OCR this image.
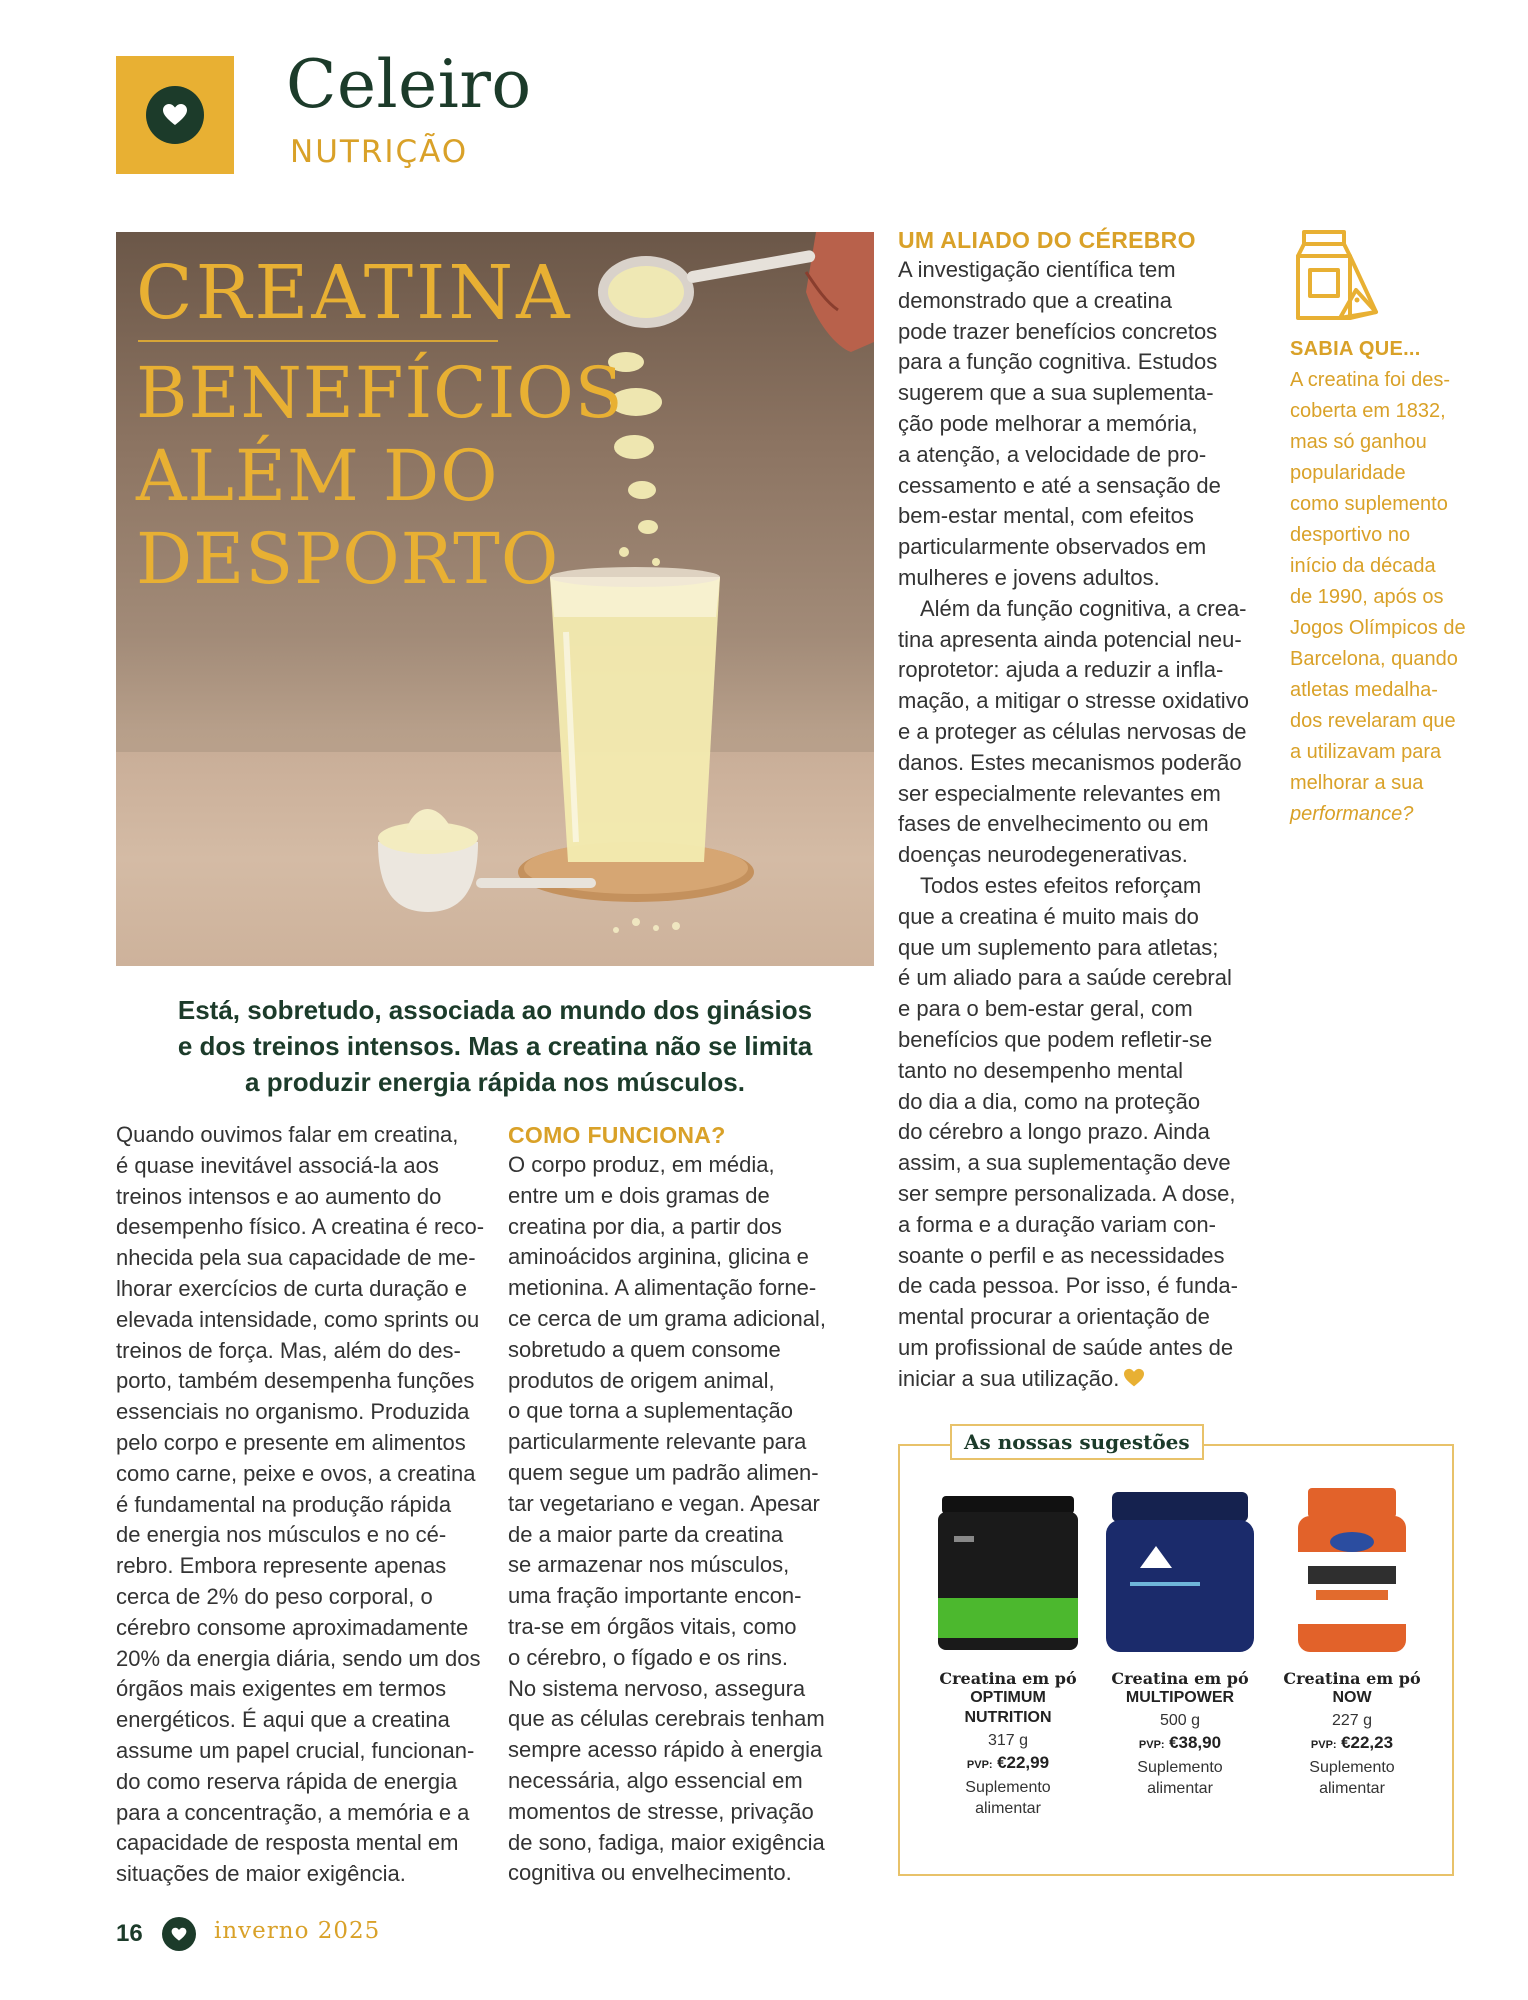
Celeiro
NUTRIÇÃO
CREATINA
BENEFÍCIOS
ALÉM DO
DESPORTO
Está, sobretudo, associada ao mundo dos ginásios
e dos treinos intensos. Mas a creatina não se limita
a produzir energia rápida nos músculos.
Quando ouvimos falar em creatina,
é quase inevitável associá-la aos
treinos intensos e ao aumento do
desempenho físico. A creatina é reco-
nhecida pela sua capacidade de me-
lhorar exercícios de curta duração e
elevada intensidade, como sprints ou
treinos de força. Mas, além do des-
porto, também desempenha funções
essenciais no organismo. Produzida
pelo corpo e presente em alimentos
como carne, peixe e ovos, a creatina
é fundamental na produção rápida
de energia nos músculos e no cé-
rebro. Embora represente apenas
cerca de 2% do peso corporal, o
cérebro consome aproximadamente
20% da energia diária, sendo um dos
órgãos mais exigentes em termos
energéticos. É aqui que a creatina
assume um papel crucial, funcionan-
do como reserva rápida de energia
para a concentração, a memória e a
capacidade de resposta mental em
situações de maior exigência.
COMO FUNCIONA?
O corpo produz, em média,
entre um e dois gramas de
creatina por dia, a partir dos
aminoácidos arginina, glicina e
metionina. A alimentação forne-
ce cerca de um grama adicional,
sobretudo a quem consome
produtos de origem animal,
o que torna a suplementação
particularmente relevante para
quem segue um padrão alimen-
tar vegetariano e vegan. Apesar
de a maior parte da creatina
se armazenar nos músculos,
uma fração importante encon-
tra-se em órgãos vitais, como
o cérebro, o fígado e os rins.
No sistema nervoso, assegura
que as células cerebrais tenham
sempre acesso rápido à energia
necessária, algo essencial em
momentos de stresse, privação
de sono, fadiga, maior exigência
cognitiva ou envelhecimento.
UM ALIADO DO CÉREBRO
A investigação científica tem
demonstrado que a creatina
pode trazer benefícios concretos
para a função cognitiva. Estudos
sugerem que a sua suplementa-
ção pode melhorar a memória,
a atenção, a velocidade de pro-
cessamento e até a sensação de
bem-estar mental, com efeitos
particularmente observados em
mulheres e jovens adultos.
Além da função cognitiva, a crea-
tina apresenta ainda potencial neu-
roprotetor: ajuda a reduzir a infla-
mação, a mitigar o stresse oxidativo
e a proteger as células nervosas de
danos. Estes mecanismos poderão
ser especialmente relevantes em
fases de envelhecimento ou em
doenças neurodegenerativas.
Todos estes efeitos reforçam
que a creatina é muito mais do
que um suplemento para atletas;
é um aliado para a saúde cerebral
e para o bem-estar geral, com
benefícios que podem refletir-se
tanto no desempenho mental
do dia a dia, como na proteção
do cérebro a longo prazo. Ainda
assim, a sua suplementação deve
ser sempre personalizada. A dose,
a forma e a duração variam con-
soante o perfil e as necessidades
de cada pessoa. Por isso, é funda-
mental procurar a orientação de
um profissional de saúde antes de
iniciar a sua utilização.
SABIA QUE...
A creatina foi des-
coberta em 1832,
mas só ganhou
popularidade
como suplemento
desportivo no
início da década
de 1990, após os
Jogos Olímpicos de
Barcelona, quando
atletas medalha-
dos revelaram que
a utilizavam para
melhorar a sua
performance?
As nossas sugestões
Creatina em pó
OPTIMUM
NUTRITION
317 g
PVP: €22,99
Suplemento
alimentar
Creatina em pó
MULTIPOWER
500 g
PVP: €38,90
Suplemento
alimentar
Creatina em pó
NOW
227 g
PVP: €22,23
Suplemento
alimentar
16	inverno 2025
